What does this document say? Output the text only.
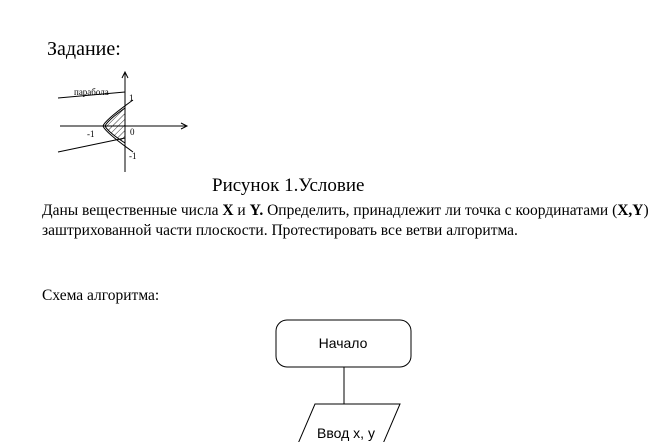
Задание:
парабола
1
-1	0
-1
Рисунок 1.Условие
Даны вещественные числа X и Y. Определить, принадлежит ли точка с координатами (X,Y) заштрихованной части плоскости. Протестировать все ветви алгоритма.
Схема алгоритма:
Начало
Ввод x, y
